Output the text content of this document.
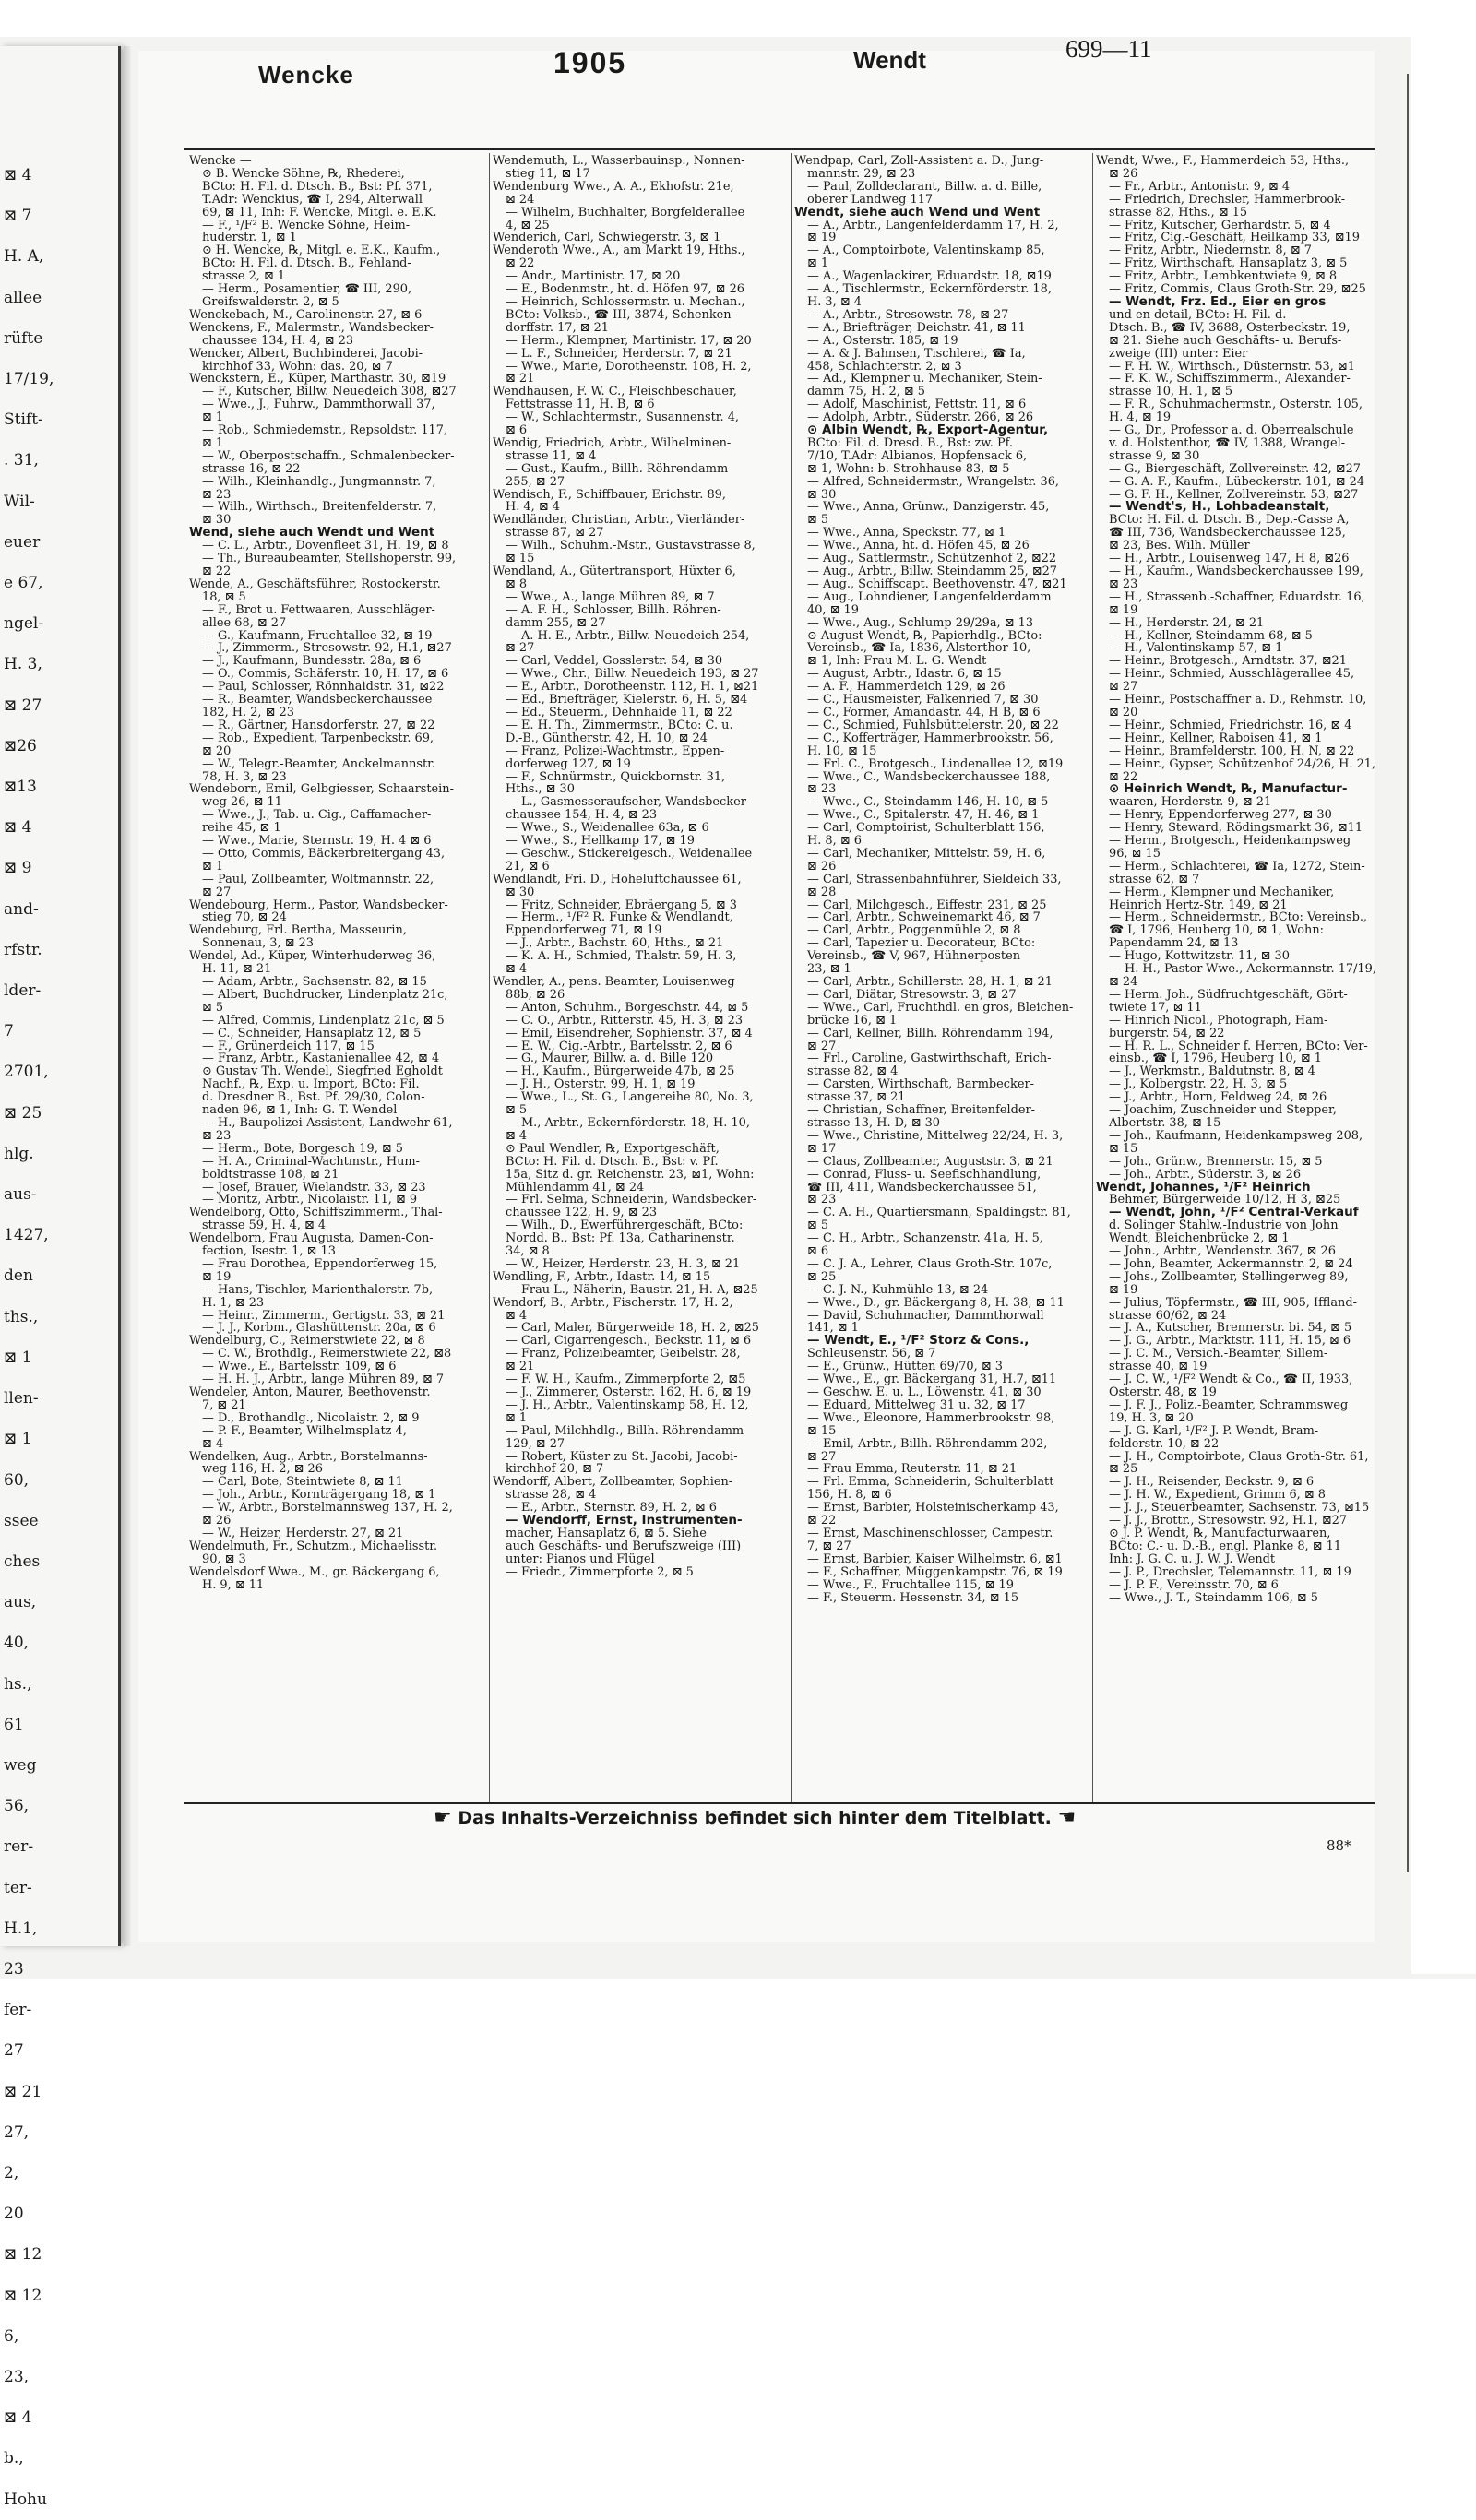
⊠ 4
⊠ 7
H. A,
allee
rüfte
17/19,
Stift-
. 31,
Wil-
euer
e 67,
ngel-
H. 3,
⊠ 27
⊠26
⊠13
⊠ 4
⊠ 9
and-
rfstr.
lder-
7
2701,
⊠ 25
hlg.
aus-
1427,
den
ths.,
⊠ 1
llen-
⊠ 1
60,
ssee
ches
aus,
40,
hs.,
61
weg
56,
rer-
ter-
H.1,
23
fer-
27
⊠ 21
27,
2,
20
⊠ 12
⊠ 12
6,
23,
⊠ 4
b.,
Hohu
Wencke	1905	Wendt	699—11
Wencke —
⊙ B. Wencke Söhne, ℞, Rhederei,
BCto: H. Fil. d. Dtsch. B., Bst: Pf. 371,
T.Adr: Wenckius, ☎ I, 294, Alterwall
69, ⊠ 11, Inh: F. Wencke, Mitgl. e. E.K.
— F., ¹/F² B. Wencke Söhne, Heim-
huderstr. 1, ⊠ 1
⊙ H. Wencke, ℞, Mitgl. e. E.K., Kaufm.,
BCto: H. Fil. d. Dtsch. B., Fehland-
strasse 2, ⊠ 1
— Herm., Posamentier, ☎ III, 290,
Greifswalderstr. 2, ⊠ 5
Wenckebach, M., Carolinenstr. 27, ⊠ 6
Wenckens, F., Malermstr., Wandsbecker-
chaussee 134, H. 4, ⊠ 23
Wencker, Albert, Buchbinderei, Jacobi-
kirchhof 33, Wohn: das. 20, ⊠ 7
Wenckstern, E., Küper, Marthastr. 30, ⊠19
— F., Kutscher, Billw. Neuedeich 308, ⊠27
— Wwe., J., Fuhrw., Dammthorwall 37,
⊠ 1
— Rob., Schmiedemstr., Repsoldstr. 117,
⊠ 1
— W., Oberpostschaffn., Schmalenbecker-
strasse 16, ⊠ 22
— Wilh., Kleinhandlg., Jungmannstr. 7,
⊠ 23
— Wilh., Wirthsch., Breitenfelderstr. 7,
⊠ 30
Wend, siehe auch Wendt und Went
— C. L., Arbtr., Dovenfleet 31, H. 19, ⊠ 8
— Th., Bureaubeamter, Stellshoperstr. 99,
⊠ 22
Wende, A., Geschäftsführer, Rostockerstr.
18, ⊠ 5
— F., Brot u. Fettwaaren, Ausschläger-
allee 68, ⊠ 27
— G., Kaufmann, Fruchtallee 32, ⊠ 19
— J., Zimmerm., Stresowstr. 92, H.1, ⊠27
— J., Kaufmann, Bundesstr. 28a, ⊠ 6
— O., Commis, Schäferstr. 10, H. 17, ⊠ 6
— Paul, Schlosser, Rönnhaidstr. 31, ⊠22
— R., Beamter, Wandsbeckerchaussee
182, H. 2, ⊠ 23
— R., Gärtner, Hansdorferstr. 27, ⊠ 22
— Rob., Expedient, Tarpenbeckstr. 69,
⊠ 20
— W., Telegr.-Beamter, Anckelmannstr.
78, H. 3, ⊠ 23
Wendeborn, Emil, Gelbgiesser, Schaarstein-
weg 26, ⊠ 11
— Wwe., J., Tab. u. Cig., Caffamacher-
reihe 45, ⊠ 1
— Wwe., Marie, Sternstr. 19, H. 4 ⊠ 6
— Otto, Commis, Bäckerbreitergang 43,
⊠ 1
— Paul, Zollbeamter, Woltmannstr. 22,
⊠ 27
Wendebourg, Herm., Pastor, Wandsbecker-
stieg 70, ⊠ 24
Wendeburg, Frl. Bertha, Masseurin,
Sonnenau, 3, ⊠ 23
Wendel, Ad., Küper, Winterhuderweg 36,
H. 11, ⊠ 21
— Adam, Arbtr., Sachsenstr. 82, ⊠ 15
— Albert, Buchdrucker, Lindenplatz 21c,
⊠ 5
— Alfred, Commis, Lindenplatz 21c, ⊠ 5
— C., Schneider, Hansaplatz 12, ⊠ 5
— F., Grünerdeich 117, ⊠ 15
— Franz, Arbtr., Kastanienallee 42, ⊠ 4
⊙ Gustav Th. Wendel, Siegfried Egholdt
Nachf., ℞, Exp. u. Import, BCto: Fil.
d. Dresdner B., Bst. Pf. 29/30, Colon-
naden 96, ⊠ 1, Inh: G. T. Wendel
— H., Baupolizei-Assistent, Landwehr 61,
⊠ 23
— Herm., Bote, Borgesch 19, ⊠ 5
— H. A., Criminal-Wachtmstr., Hum-
boldtstrasse 108, ⊠ 21
— Josef, Brauer, Wielandstr. 33, ⊠ 23
— Moritz, Arbtr., Nicolaistr. 11, ⊠ 9
Wendelborg, Otto, Schiffszimmerm., Thal-
strasse 59, H. 4, ⊠ 4
Wendelborn, Frau Augusta, Damen-Con-
fection, Isestr. 1, ⊠ 13
— Frau Dorothea, Eppendorferweg 15,
⊠ 19
— Hans, Tischler, Marienthalerstr. 7b,
H. 1, ⊠ 23
— Heinr., Zimmerm., Gertigstr. 33, ⊠ 21
— J. J., Korbm., Glashüttenstr. 20a, ⊠ 6
Wendelburg, C., Reimerstwiete 22, ⊠ 8
— C. W., Brothdlg., Reimerstwiete 22, ⊠8
— Wwe., E., Bartelsstr. 109, ⊠ 6
— H. H. J., Arbtr., lange Mühren 89, ⊠ 7
Wendeler, Anton, Maurer, Beethovenstr.
7, ⊠ 21
— D., Brothandlg., Nicolaistr. 2, ⊠ 9
— P. F., Beamter, Wilhelmsplatz 4,
⊠ 4
Wendelken, Aug., Arbtr., Borstelmanns-
weg 116, H. 2, ⊠ 26
— Carl, Bote, Steintwiete 8, ⊠ 11
— Joh., Arbtr., Kornträgergang 18, ⊠ 1
— W., Arbtr., Borstelmannsweg 137, H. 2,
⊠ 26
— W., Heizer, Herderstr. 27, ⊠ 21
Wendelmuth, Fr., Schutzm., Michaelisstr.
90, ⊠ 3
Wendelsdorf Wwe., M., gr. Bäckergang 6,
H. 9, ⊠ 11
Wendemuth, L., Wasserbauinsp., Nonnen-
stieg 11, ⊠ 17
Wendenburg Wwe., A. A., Ekhofstr. 21e,
⊠ 24
— Wilhelm, Buchhalter, Borgfelderallee
4, ⊠ 25
Wenderich, Carl, Schwiegerstr. 3, ⊠ 1
Wenderoth Wwe., A., am Markt 19, Hths.,
⊠ 22
— Andr., Martinistr. 17, ⊠ 20
— E., Bodenmstr., ht. d. Höfen 97, ⊠ 26
— Heinrich, Schlossermstr. u. Mechan.,
BCto: Volksb., ☎ III, 3874, Schenken-
dorffstr. 17, ⊠ 21
— Herm., Klempner, Martinistr. 17, ⊠ 20
— L. F., Schneider, Herderstr. 7, ⊠ 21
— Wwe., Marie, Dorotheenstr. 108, H. 2,
⊠ 21
Wendhausen, F. W. C., Fleischbeschauer,
Fettstrasse 11, H. B, ⊠ 6
— W., Schlachtermstr., Susannenstr. 4,
⊠ 6
Wendig, Friedrich, Arbtr., Wilhelminen-
strasse 11, ⊠ 4
— Gust., Kaufm., Billh. Röhrendamm
255, ⊠ 27
Wendisch, F., Schiffbauer, Erichstr. 89,
H. 4, ⊠ 4
Wendländer, Christian, Arbtr., Vierländer-
strasse 87, ⊠ 27
— Wilh., Schuhm.-Mstr., Gustavstrasse 8,
⊠ 15
Wendland, A., Gütertransport, Hüxter 6,
⊠ 8
— Wwe., A., lange Mühren 89, ⊠ 7
— A. F. H., Schlosser, Billh. Röhren-
damm 255, ⊠ 27
— A. H. E., Arbtr., Billw. Neuedeich 254,
⊠ 27
— Carl, Veddel, Gosslerstr. 54, ⊠ 30
— Wwe., Chr., Billw. Neuedeich 193, ⊠ 27
— E., Arbtr., Dorotheenstr. 112, H. 1, ⊠21
— Ed., Briefträger, Kielerstr. 6, H. 5, ⊠4
— Ed., Steuerm., Dehnhaide 11, ⊠ 22
— E. H. Th., Zimmermstr., BCto: C. u.
D.-B., Güntherstr. 42, H. 10, ⊠ 24
— Franz, Polizei-Wachtmstr., Eppen-
dorferweg 127, ⊠ 19
— F., Schnürmstr., Quickbornstr. 31,
Hths., ⊠ 30
— L., Gasmesseraufseher, Wandsbecker-
chaussee 154, H. 4, ⊠ 23
— Wwe., S., Weidenallee 63a, ⊠ 6
— Wwe., S., Hellkamp 17, ⊠ 19
— Geschw., Stickereigesch., Weidenallee
21, ⊠ 6
Wendlandt, Fri. D., Hoheluftchaussee 61,
⊠ 30
— Fritz, Schneider, Ebräergang 5, ⊠ 3
— Herm., ¹/F² R. Funke & Wendlandt,
Eppendorferweg 71, ⊠ 19
— J., Arbtr., Bachstr. 60, Hths., ⊠ 21
— K. A. H., Schmied, Thalstr. 59, H. 3,
⊠ 4
Wendler, A., pens. Beamter, Louisenweg
88b, ⊠ 26
— Anton, Schuhm., Borgeschstr. 44, ⊠ 5
— C. O., Arbtr., Ritterstr. 45, H. 3, ⊠ 23
— Emil, Eisendreher, Sophienstr. 37, ⊠ 4
— E. W., Cig.-Arbtr., Bartelsstr. 2, ⊠ 6
— G., Maurer, Billw. a. d. Bille 120
— H., Kaufm., Bürgerweide 47b, ⊠ 25
— J. H., Osterstr. 99, H. 1, ⊠ 19
— Wwe., L., St. G., Langereihe 80, No. 3,
⊠ 5
— M., Arbtr., Eckernförderstr. 18, H. 10,
⊠ 4
⊙ Paul Wendler, ℞, Exportgeschäft,
BCto: H. Fil. d. Dtsch. B., Bst: v. Pf.
15a, Sitz d. gr. Reichenstr. 23, ⊠1, Wohn:
Mühlendamm 41, ⊠ 24
— Frl. Selma, Schneiderin, Wandsbecker-
chaussee 122, H. 9, ⊠ 23
— Wilh., D., Ewerführergeschäft, BCto:
Nordd. B., Bst: Pf. 13a, Catharinenstr.
34, ⊠ 8
— W., Heizer, Herderstr. 23, H. 3, ⊠ 21
Wendling, F., Arbtr., Idastr. 14, ⊠ 15
— Frau L., Näherin, Baustr. 21, H. A, ⊠25
Wendorf, B., Arbtr., Fischerstr. 17, H. 2,
⊠ 4
— Carl, Maler, Bürgerweide 18, H. 2, ⊠25
— Carl, Cigarrengesch., Beckstr. 11, ⊠ 6
— Franz, Polizeibeamter, Geibelstr. 28,
⊠ 21
— F. W. H., Kaufm., Zimmerpforte 2, ⊠5
— J., Zimmerer, Osterstr. 162, H. 6, ⊠ 19
— J. H., Arbtr., Valentinskamp 58, H. 12,
⊠ 1
— Paul, Milchhdlg., Billh. Röhrendamm
129, ⊠ 27
— Robert, Küster zu St. Jacobi, Jacobi-
kirchhof 20, ⊠ 7
Wendorff, Albert, Zollbeamter, Sophien-
strasse 28, ⊠ 4
— E., Arbtr., Sternstr. 89, H. 2, ⊠ 6
— Wendorff, Ernst, Instrumenten-
macher, Hansaplatz 6, ⊠ 5. Siehe
auch Geschäfts- und Berufszweige (III)
unter: Pianos und Flügel
— Friedr., Zimmerpforte 2, ⊠ 5
Wendpap, Carl, Zoll-Assistent a. D., Jung-
mannstr. 29, ⊠ 23
— Paul, Zolldeclarant, Billw. a. d. Bille,
oberer Landweg 117
Wendt, siehe auch Wend und Went
— A., Arbtr., Langenfelderdamm 17, H. 2,
⊠ 19
— A., Comptoirbote, Valentinskamp 85,
⊠ 1
— A., Wagenlackirer, Eduardstr. 18, ⊠19
— A., Tischlermstr., Eckernförderstr. 18,
H. 3, ⊠ 4
— A., Arbtr., Stresowstr. 78, ⊠ 27
— A., Briefträger, Deichstr. 41, ⊠ 11
— A., Osterstr. 185, ⊠ 19
— A. & J. Bahnsen, Tischlerei, ☎ Ia,
458, Schlachterstr. 2, ⊠ 3
— Ad., Klempner u. Mechaniker, Stein-
damm 75, H. 2, ⊠ 5
— Adolf, Maschinist, Fettstr. 11, ⊠ 6
— Adolph, Arbtr., Süderstr. 266, ⊠ 26
⊙ Albin Wendt, ℞, Export-Agentur,
BCto: Fil. d. Dresd. B., Bst: zw. Pf.
7/10, T.Adr: Albianos, Hopfensack 6,
⊠ 1, Wohn: b. Strohhause 83, ⊠ 5
— Alfred, Schneidermstr., Wrangelstr. 36,
⊠ 30
— Wwe., Anna, Grünw., Danzigerstr. 45,
⊠ 5
— Wwe., Anna, Speckstr. 77, ⊠ 1
— Wwe., Anna, ht. d. Höfen 45, ⊠ 26
— Aug., Sattlermstr., Schützenhof 2, ⊠22
— Aug., Arbtr., Billw. Steindamm 25, ⊠27
— Aug., Schiffscapt. Beethovenstr. 47, ⊠21
— Aug., Lohndiener, Langenfelderdamm
40, ⊠ 19
— Wwe., Aug., Schlump 29/29a, ⊠ 13
⊙ August Wendt, ℞, Papierhdlg., BCto:
Vereinsb., ☎ Ia, 1836, Alsterthor 10,
⊠ 1, Inh: Frau M. L. G. Wendt
— August, Arbtr., Idastr. 6, ⊠ 15
— A. F., Hammerdeich 129, ⊠ 26
— C., Hausmeister, Falkenried 7, ⊠ 30
— C., Former, Amandastr. 44, H B, ⊠ 6
— C., Schmied, Fuhlsbüttelerstr. 20, ⊠ 22
— C., Kofferträger, Hammerbrookstr. 56,
H. 10, ⊠ 15
— Frl. C., Brotgesch., Lindenallee 12, ⊠19
— Wwe., C., Wandsbeckerchaussee 188,
⊠ 23
— Wwe., C., Steindamm 146, H. 10, ⊠ 5
— Wwe., C., Spitalerstr. 47, H. 46, ⊠ 1
— Carl, Comptoirist, Schulterblatt 156,
H. 8, ⊠ 6
— Carl, Mechaniker, Mittelstr. 59, H. 6,
⊠ 26
— Carl, Strassenbahnführer, Sieldeich 33,
⊠ 28
— Carl, Milchgesch., Eiffestr. 231, ⊠ 25
— Carl, Arbtr., Schweinemarkt 46, ⊠ 7
— Carl, Arbtr., Poggenmühle 2, ⊠ 8
— Carl, Tapezier u. Decorateur, BCto:
Vereinsb., ☎ V, 967, Hühnerposten
23, ⊠ 1
— Carl, Arbtr., Schillerstr. 28, H. 1, ⊠ 21
— Carl, Diätar, Stresowstr. 3, ⊠ 27
— Wwe., Carl, Fruchthdl. en gros, Bleichen-
brücke 16, ⊠ 1
— Carl, Kellner, Billh. Röhrendamm 194,
⊠ 27
— Frl., Caroline, Gastwirthschaft, Erich-
strasse 82, ⊠ 4
— Carsten, Wirthschaft, Barmbecker-
strasse 37, ⊠ 21
— Christian, Schaffner, Breitenfelder-
strasse 13, H. D, ⊠ 30
— Wwe., Christine, Mittelweg 22/24, H. 3,
⊠ 17
— Claus, Zollbeamter, Auguststr. 3, ⊠ 21
— Conrad, Fluss- u. Seefischhandlung,
☎ III, 411, Wandsbeckerchaussee 51,
⊠ 23
— C. A. H., Quartiersmann, Spaldingstr. 81,
⊠ 5
— C. H., Arbtr., Schanzenstr. 41a, H. 5,
⊠ 6
— C. J. A., Lehrer, Claus Groth-Str. 107c,
⊠ 25
— C. J. N., Kuhmühle 13, ⊠ 24
— Wwe., D., gr. Bäckergang 8, H. 38, ⊠ 11
— David, Schuhmacher, Dammthorwall
141, ⊠ 1
— Wendt, E., ¹/F² Storz & Cons.,
Schleusenstr. 56, ⊠ 7
— E., Grünw., Hütten 69/70, ⊠ 3
— Wwe., E., gr. Bäckergang 31, H.7, ⊠11
— Geschw. E. u. L., Löwenstr. 41, ⊠ 30
— Eduard, Mittelweg 31 u. 32, ⊠ 17
— Wwe., Eleonore, Hammerbrookstr. 98,
⊠ 15
— Emil, Arbtr., Billh. Röhrendamm 202,
⊠ 27
— Frau Emma, Reuterstr. 11, ⊠ 21
— Frl. Emma, Schneiderin, Schulterblatt
156, H. 8, ⊠ 6
— Ernst, Barbier, Holsteinischerkamp 43,
⊠ 22
— Ernst, Maschinenschlosser, Campestr.
7, ⊠ 27
— Ernst, Barbier, Kaiser Wilhelmstr. 6, ⊠1
— F., Schaffner, Müggenkampstr. 76, ⊠ 19
— Wwe., F., Fruchtallee 115, ⊠ 19
— F., Steuerm. Hessenstr. 34, ⊠ 15
Wendt, Wwe., F., Hammerdeich 53, Hths.,
⊠ 26
— Fr., Arbtr., Antonistr. 9, ⊠ 4
— Friedrich, Drechsler, Hammerbrook-
strasse 82, Hths., ⊠ 15
— Fritz, Kutscher, Gerhardstr. 5, ⊠ 4
— Fritz, Cig.-Geschäft, Heilkamp 33, ⊠19
— Fritz, Arbtr., Niedernstr. 8, ⊠ 7
— Fritz, Wirthschaft, Hansaplatz 3, ⊠ 5
— Fritz, Arbtr., Lembkentwiete 9, ⊠ 8
— Fritz, Commis, Claus Groth-Str. 29, ⊠25
— Wendt, Frz. Ed., Eier en gros
und en detail, BCto: H. Fil. d.
Dtsch. B., ☎ IV, 3688, Osterbeckstr. 19,
⊠ 21. Siehe auch Geschäfts- u. Berufs-
zweige (III) unter: Eier
— F. H. W., Wirthsch., Düsternstr. 53, ⊠1
— F. K. W., Schiffszimmerm., Alexander-
strasse 10, H. 1, ⊠ 5
— F. R., Schuhmachermstr., Osterstr. 105,
H. 4, ⊠ 19
— G., Dr., Professor a. d. Oberrealschule
v. d. Holstenthor, ☎ IV, 1388, Wrangel-
strasse 9, ⊠ 30
— G., Biergeschäft, Zollvereinstr. 42, ⊠27
— G. A. F., Kaufm., Lübeckerstr. 101, ⊠ 24
— G. F. H., Kellner, Zollvereinstr. 53, ⊠27
— Wendt's, H., Lohbadeanstalt,
BCto: H. Fil. d. Dtsch. B., Dep.-Casse A,
☎ III, 736, Wandsbeckerchaussee 125,
⊠ 23, Bes. Wilh. Müller
— H., Arbtr., Louisenweg 147, H 8, ⊠26
— H., Kaufm., Wandsbeckerchaussee 199,
⊠ 23
— H., Strassenb.-Schaffner, Eduardstr. 16,
⊠ 19
— H., Herderstr. 24, ⊠ 21
— H., Kellner, Steindamm 68, ⊠ 5
— H., Valentinskamp 57, ⊠ 1
— Heinr., Brotgesch., Arndtstr. 37, ⊠21
— Heinr., Schmied, Ausschlägerallee 45,
⊠ 27
— Heinr., Postschaffner a. D., Rehmstr. 10,
⊠ 20
— Heinr., Schmied, Friedrichstr. 16, ⊠ 4
— Heinr., Kellner, Raboisen 41, ⊠ 1
— Heinr., Bramfelderstr. 100, H. N, ⊠ 22
— Heinr., Gypser, Schützenhof 24/26, H. 21,
⊠ 22
⊙ Heinrich Wendt, ℞, Manufactur-
waaren, Herderstr. 9, ⊠ 21
— Henry, Eppendorferweg 277, ⊠ 30
— Henry, Steward, Rödingsmarkt 36, ⊠11
— Herm., Brotgesch., Heidenkampsweg
96, ⊠ 15
— Herm., Schlachterei, ☎ Ia, 1272, Stein-
strasse 62, ⊠ 7
— Herm., Klempner und Mechaniker,
Heinrich Hertz-Str. 149, ⊠ 21
— Herm., Schneidermstr., BCto: Vereinsb.,
☎ I, 1796, Heuberg 10, ⊠ 1, Wohn:
Papendamm 24, ⊠ 13
— Hugo, Kottwitzstr. 11, ⊠ 30
— H. H., Pastor-Wwe., Ackermannstr. 17/19,
⊠ 24
— Herm. Joh., Südfruchtgeschäft, Gört-
twiete 17, ⊠ 11
— Hinrich Nicol., Photograph, Ham-
burgerstr. 54, ⊠ 22
— H. R. L., Schneider f. Herren, BCto: Ver-
einsb., ☎ I, 1796, Heuberg 10, ⊠ 1
— J., Werkmstr., Baldutnstr. 8, ⊠ 4
— J., Kolbergstr. 22, H. 3, ⊠ 5
— J., Arbtr., Horn, Feldweg 24, ⊠ 26
— Joachim, Zuschneider und Stepper,
Albertstr. 38, ⊠ 15
— Joh., Kaufmann, Heidenkampsweg 208,
⊠ 15
— Joh., Grünw., Brennerstr. 15, ⊠ 5
— Joh., Arbtr., Süderstr. 3, ⊠ 26
Wendt, Johannes, ¹/F² Heinrich
Behmer, Bürgerweide 10/12, H 3, ⊠25
— Wendt, John, ¹/F² Central-Verkauf
d. Solinger Stahlw.-Industrie von John
Wendt, Bleichenbrücke 2, ⊠ 1
— John., Arbtr., Wendenstr. 367, ⊠ 26
— John, Beamter, Ackermannstr. 2, ⊠ 24
— Johs., Zollbeamter, Stellingerweg 89,
⊠ 19
— Julius, Töpfermstr., ☎ III, 905, Iffland-
strasse 60/62, ⊠ 24
— J. A., Kutscher, Brennerstr. bi. 54, ⊠ 5
— J. G., Arbtr., Marktstr. 111, H. 15, ⊠ 6
— J. C. M., Versich.-Beamter, Sillem-
strasse 40, ⊠ 19
— J. C. W., ¹/F² Wendt & Co., ☎ II, 1933,
Osterstr. 48, ⊠ 19
— J. F. J., Poliz.-Beamter, Schrammsweg
19, H. 3, ⊠ 20
— J. G. Karl, ¹/F² J. P. Wendt, Bram-
felderstr. 10, ⊠ 22
— J. H., Comptoirbote, Claus Groth-Str. 61,
⊠ 25
— J. H., Reisender, Beckstr. 9, ⊠ 6
— J. H. W., Expedient, Grimm 6, ⊠ 8
— J. J., Steuerbeamter, Sachsenstr. 73, ⊠15
— J. J., Brottr., Stresowstr. 92, H.1, ⊠27
⊙ J. P. Wendt, ℞, Manufacturwaaren,
BCto: C.- u. D.-B., engl. Planke 8, ⊠ 11
Inh: J. G. C. u. J. W. J. Wendt
— J. P., Drechsler, Telemannstr. 11, ⊠ 19
— J. P. F., Vereinsstr. 70, ⊠ 6
— Wwe., J. T., Steindamm 106, ⊠ 5
☛ Das Inhalts-Verzeichniss befindet sich hinter dem Titelblatt. ☚
88*
